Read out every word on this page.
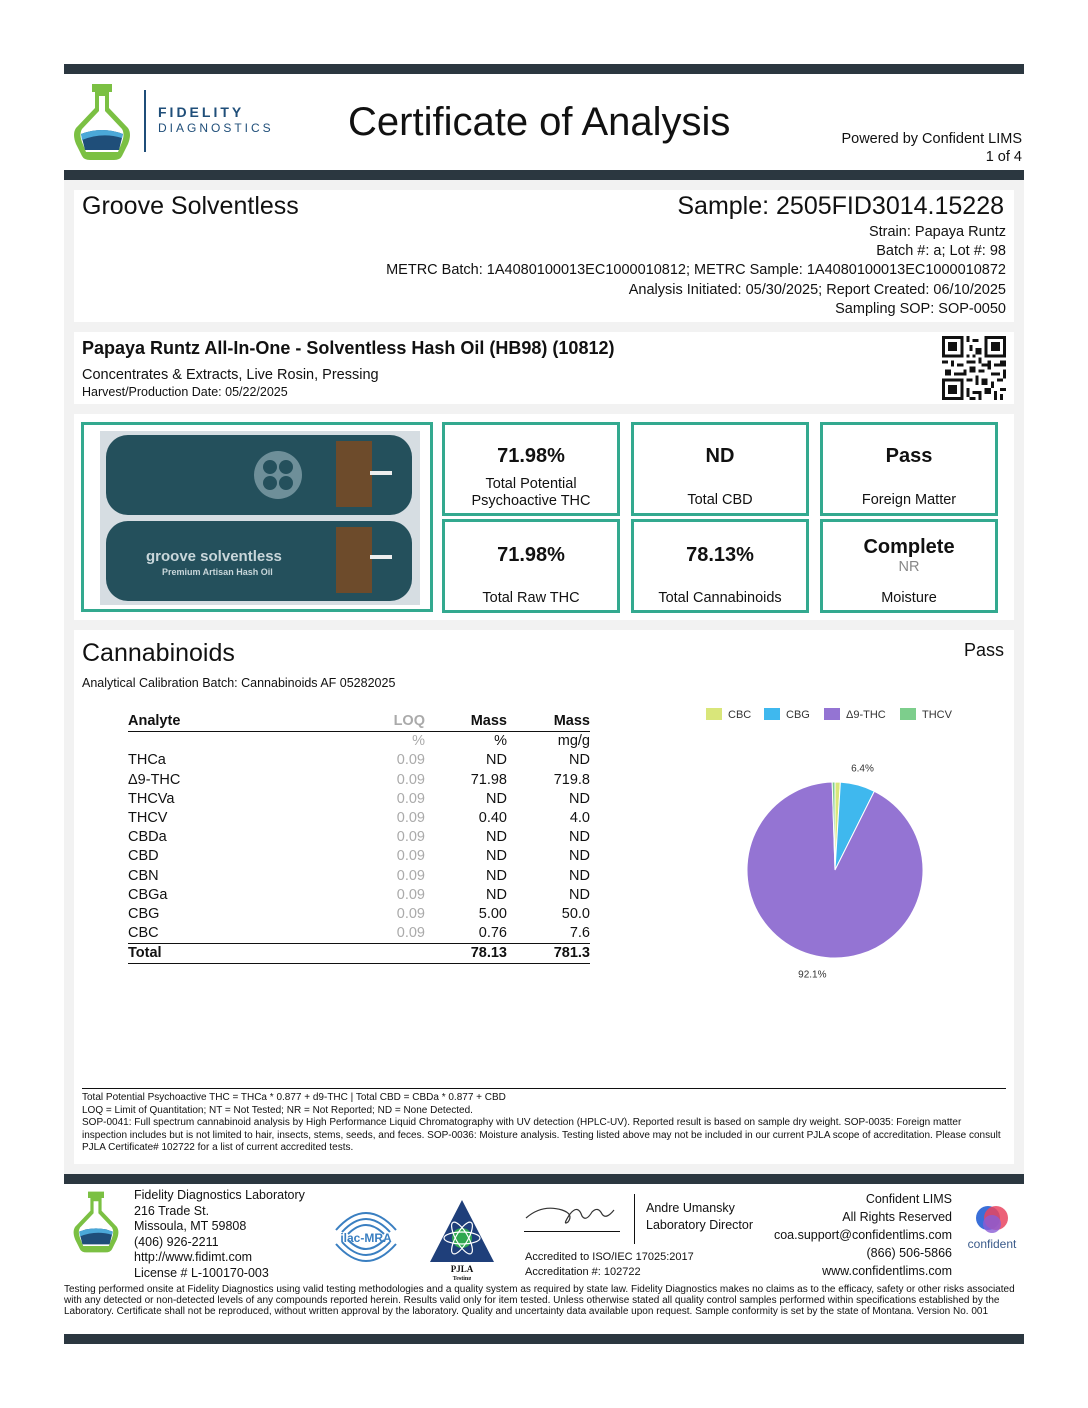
FIDELITY
DIAGNOSTICS Certificate of Analysis	Powered by Confident LIMS
1 of 4
Groove Solventless	Sample: 2505FID3014.15228
Strain: Papaya Runtz
Batch #: a; Lot #: 98
METRC Batch: 1A4080100013EC1000010812; METRC Sample: 1A4080100013EC1000010872
Analysis Initiated: 05/30/2025; Report Created: 06/10/2025
Sampling SOP: SOP-0050
Papaya Runtz All-In-One - Solventless Hash Oil (HB98) (10812)
Concentrates & Extracts, Live Rosin, Pressing
Harvest/Production Date: 05/22/2025
groove solventless
Premium Artisan Hash Oil
71.98%
Total Potential Psychoactive THC
ND
Total CBD
Pass
Foreign Matter
71.98%
Total Raw THC
78.13%
Total Cannabinoids
Complete
NR
Moisture
Cannabinoids	Pass
Analytical Calibration Batch: Cannabinoids AF 05282025
Analyte	LOQ	Mass	Mass
	%	%	mg/g
THCa	0.09	ND	ND
Δ9-THC	0.09	71.98	719.8
THCVa	0.09	ND	ND
THCV	0.09	0.40	4.0
CBDa	0.09	ND	ND
CBD	0.09	ND	ND
CBN	0.09	ND	ND
CBGa	0.09	ND	ND
CBG	0.09	5.00	50.0
CBC	0.09	0.76	7.6
Total		78.13	781.3
CBC	CBG	Δ9-THC	THCV
6.4%
92.1%
Total Potential Psychoactive THC = THCa * 0.877 + d9-THC | Total CBD = CBDa * 0.877 + CBD
LOQ = Limit of Quantitation; NT = Not Tested; NR = Not Reported; ND = None Detected.
SOP-0041: Full spectrum cannabinoid analysis by High Performance Liquid Chromatography with UV detection (HPLC-UV). Reported result is based on sample dry weight. SOP-0035: Foreign matter inspection includes but is not limited to hair, insects, stems, seeds, and feces. SOP-0036: Moisture analysis. Testing listed above may not be included in our current PJLA scope of accreditation. Please consult PJLA Certificate# 102722 for a list of current accredited tests.
Fidelity Diagnostics Laboratory
216 Trade St.
Missoula, MT 59808
(406) 926-2211
http://www.fidimt.com
License # L-100170-003
ilac-MRA
PJLA
Testing
Andre Umansky
Laboratory Director
Accredited to ISO/IEC 17025:2017
Accreditation #: 102722
Confident LIMS
All Rights Reserved
coa.support@confidentlims.com
(866) 506-5866
www.confidentlims.com
confident
Testing performed onsite at Fidelity Diagnostics using valid testing methodologies and a quality system as required by state law. Fidelity Diagnostics makes no claims as to the efficacy, safety or other risks associated with any detected or non-detected levels of any compounds reported herein. Results valid only for item tested. Unless otherwise stated all quality control samples performed within specifications established by the Laboratory. Certificate shall not be reproduced, without written approval by the laboratory. Quality and uncertainty data available upon request. Sample conformity is set by the state of Montana. Version No. 001
